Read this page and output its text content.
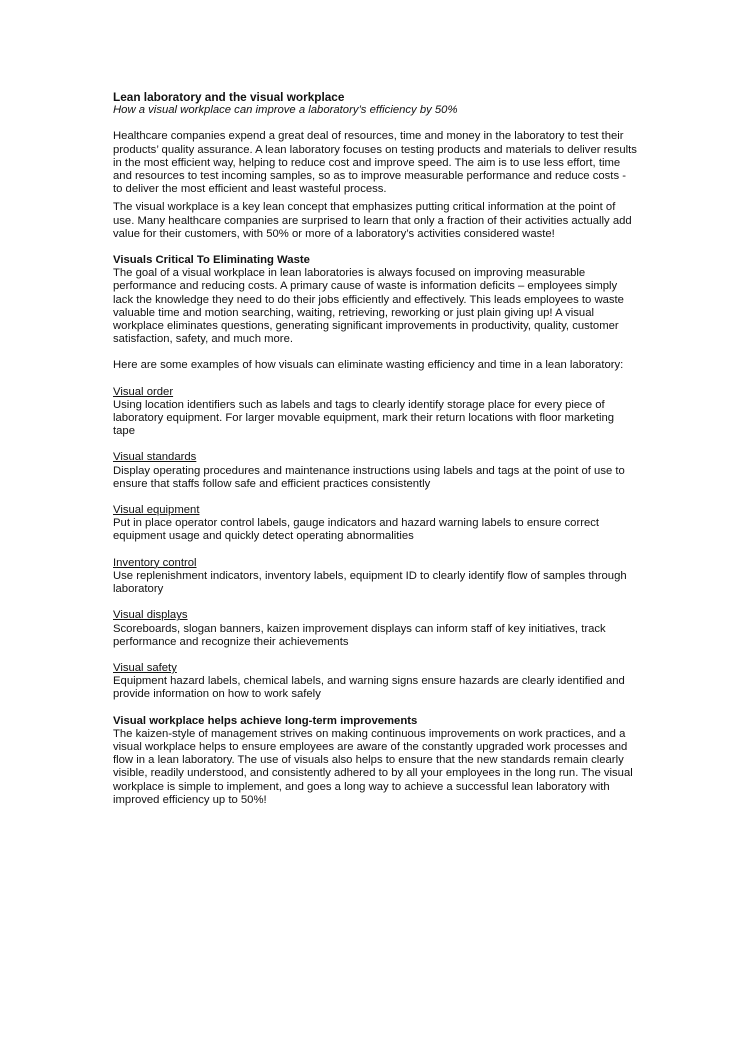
Lean laboratory and the visual workplace

How a visual workplace can improve a laboratory’s efficiency by 50%

Healthcare companies expend a great deal of resources, time and money in the laboratory to test their products’ quality assurance. A lean laboratory focuses on testing products and materials to deliver results in the most efficient way, helping to reduce cost and improve speed. The aim is to use less effort, time and resources to test incoming samples, so as to improve measurable performance and reduce costs - to deliver the most efficient and least wasteful process.

The visual workplace is a key lean concept that emphasizes putting critical information at the point of use. Many healthcare companies are surprised to learn that only a fraction of their activities actually add value for their customers, with 50% or more of a laboratory’s activities considered waste!

Visuals Critical To Eliminating Waste

The goal of a visual workplace in lean laboratories is always focused on improving measurable performance and reducing costs. A primary cause of waste is information deficits – employees simply lack the knowledge they need to do their jobs efficiently and effectively. This leads employees to waste valuable time and motion searching, waiting, retrieving, reworking or just plain giving up! A visual workplace eliminates questions, generating significant improvements in productivity, quality, customer satisfaction, safety, and much more.

Here are some examples of how visuals can eliminate wasting efficiency and time in a lean laboratory:

Visual order

Using location identifiers such as labels and tags to clearly identify storage place for every piece of laboratory equipment. For larger movable equipment, mark their return locations with floor marketing tape

Visual standards

Display operating procedures and maintenance instructions using labels and tags at the point of use to ensure that staffs follow safe and efficient practices consistently

Visual equipment

Put in place operator control labels, gauge indicators and hazard warning labels to ensure correct equipment usage and quickly detect operating abnormalities

Inventory control

Use replenishment indicators, inventory labels, equipment ID to clearly identify flow of samples through laboratory

Visual displays

Scoreboards, slogan banners, kaizen improvement displays can inform staff of key initiatives, track performance and recognize their achievements

Visual safety

Equipment hazard labels, chemical labels, and warning signs ensure hazards are clearly identified and provide information on how to work safely

Visual workplace helps achieve long-term improvements

The kaizen-style of management strives on making continuous improvements on work practices, and a visual workplace helps to ensure employees are aware of the constantly upgraded work processes and flow in a lean laboratory. The use of visuals also helps to ensure that the new standards remain clearly visible, readily understood, and consistently adhered to by all your employees in the long run. The visual workplace is simple to implement, and goes a long way to achieve a successful lean laboratory with improved efficiency up to 50%!
